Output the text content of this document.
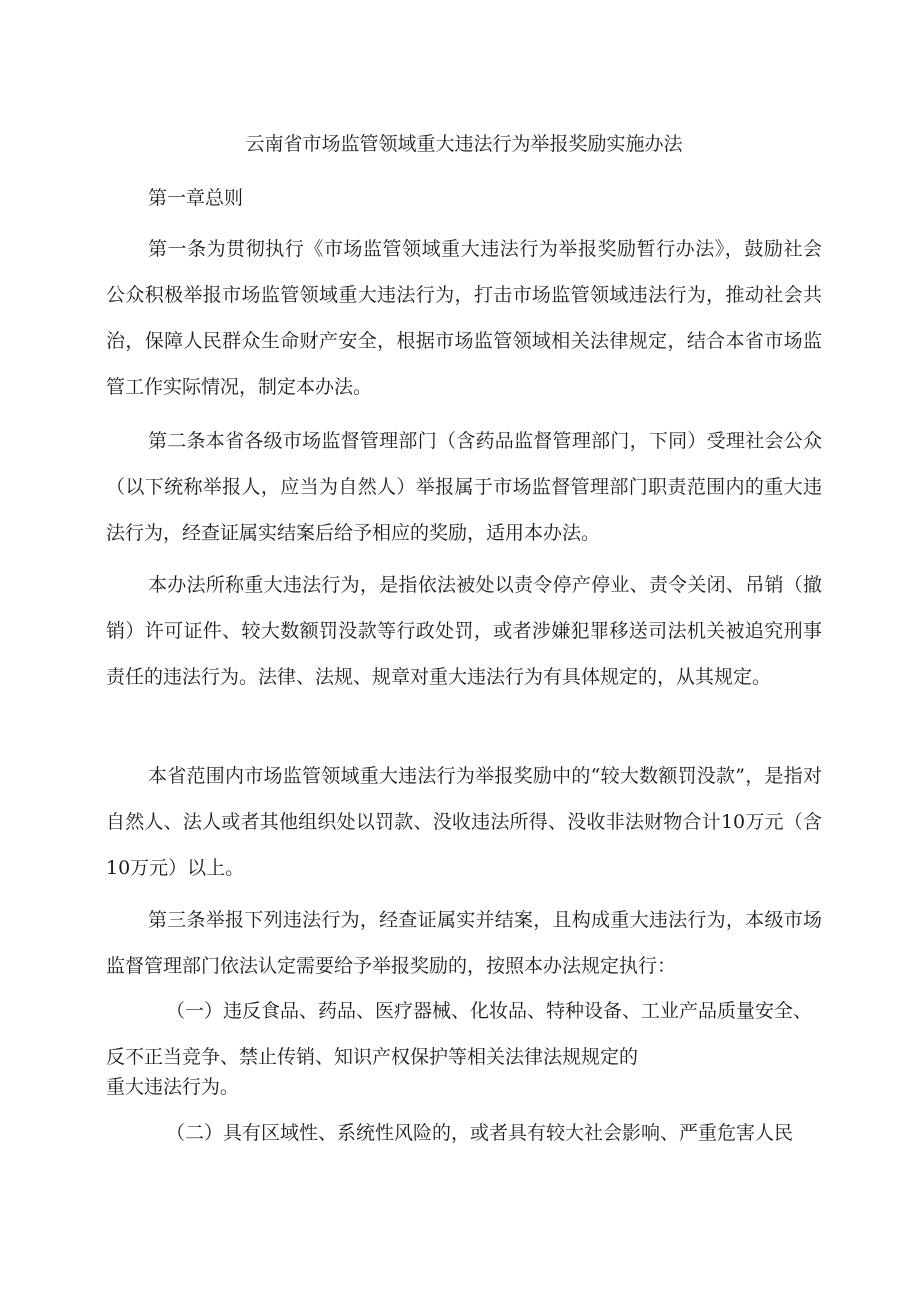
云南省市场监管领域重大违法行为举报奖励实施办法

第一章总则

第一条为贯彻执行《市场监管领域重大违法行为举报奖励暂行办法》，鼓励社会公众积极举报市场监管领域重大违法行为，打击市场监管领域违法行为，推动社会共治，保障人民群众生命财产安全，根据市场监管领域相关法律规定，结合本省市场监管工作实际情况，制定本办法。

第二条本省各级市场监督管理部门（含药品监督管理部门，下同）受理社会公众（以下统称举报人，应当为自然人）举报属于市场监督管理部门职责范围内的重大违法行为，经查证属实结案后给予相应的奖励，适用本办法。

本办法所称重大违法行为，是指依法被处以责令停产停业、责令关闭、吊销（撤销）许可证件、较大数额罚没款等行政处罚，或者涉嫌犯罪移送司法机关被追究刑事责任的违法行为。法律、法规、规章对重大违法行为有具体规定的，从其规定。

本省范围内市场监管领域重大违法行为举报奖励中的“较大数额罚没款”，是指对自然人、法人或者其他组织处以罚款、没收违法所得、没收非法财物合计10万元（含10万元）以上。

第三条举报下列违法行为，经查证属实并结案，且构成重大违法行为，本级市场监督管理部门依法认定需要给予举报奖励的，按照本办法规定执行：

（一）违反食品、药品、医疗器械、化妆品、特种设备、工业产品质量安全、
反不正当竞争、禁止传销、知识产权保护等相关法律法规规定的
重大违法行为。
（二）具有区域性、系统性风险的，或者具有较大社会影响、严重危害人民
